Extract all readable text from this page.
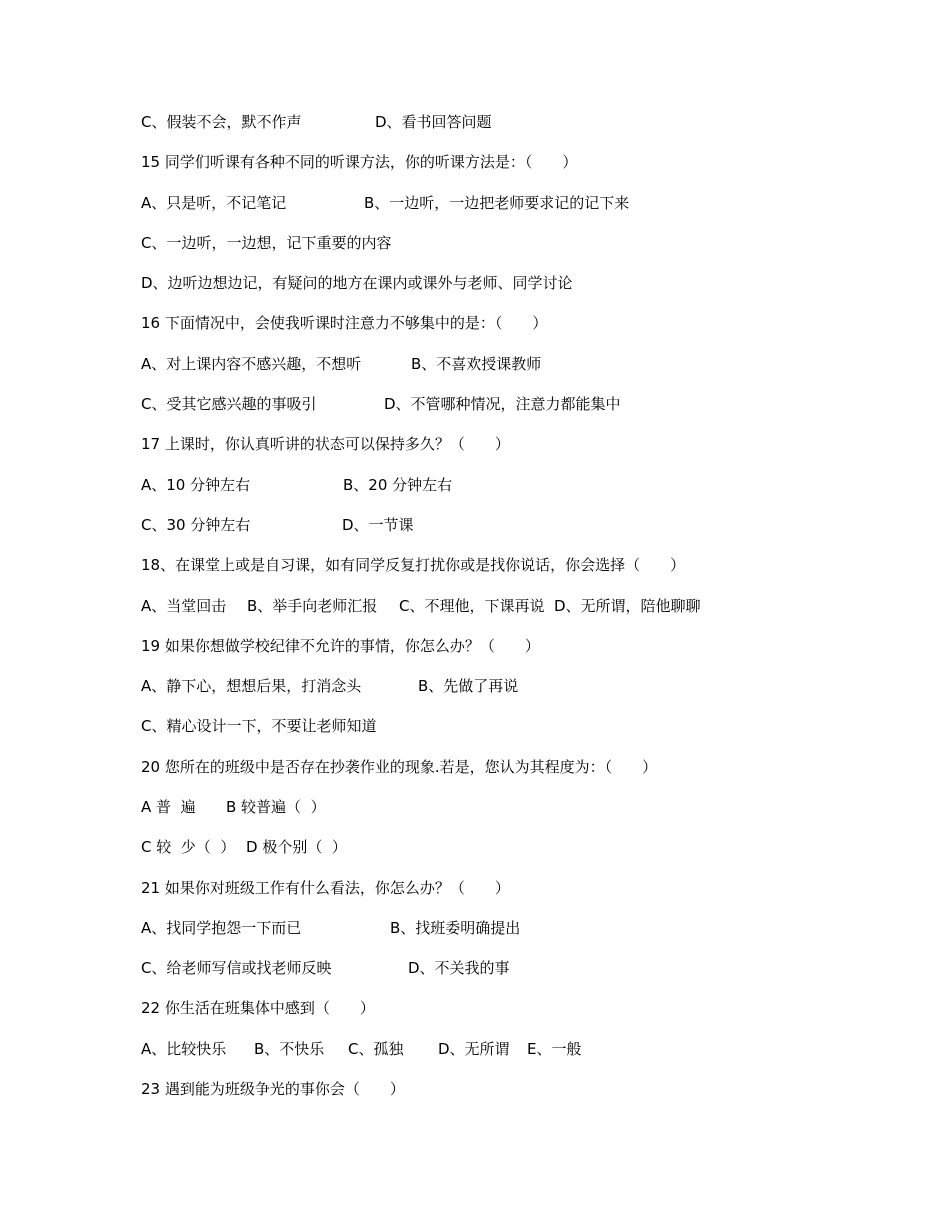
C、假装不会，默不作声

	D、看书回答问题

15 同学们听课有各种不同的听课方法，你的听课方法是：（　　）

A、只是听，不记笔记

	B、一边听，一边把老师要求记的记下来

C、一边听，一边想，记下重要的内容

D、边听边想边记，有疑问的地方在课内或课外与老师、同学讨论

16 下面情况中，会使我听课时注意力不够集中的是：（　　）

A、对上课内容不感兴趣，不想听

	B、不喜欢授课教师

C、受其它感兴趣的事吸引

	D、不管哪种情况，注意力都能集中

17 上课时，你认真听讲的状态可以保持多久？（　　）

A、10 分钟左右

	B、20 分钟左右

C、30 分钟左右

	D、一节课

18、在课堂上或是自习课，如有同学反复打扰你或是找你说话，你会选择（　　）

A、当堂回击

B、举手向老师汇报

C、不理他，下课再说

D、无所谓，陪他聊聊

19 如果你想做学校纪律不允许的事情，你怎么办？（　　）

A、静下心，想想后果，打消念头

	B、先做了再说

C、精心设计一下，不要让老师知道

20 您所在的班级中是否存在抄袭作业的现象.若是，您认为其程度为：（　　）

A 普  遍

B 较普遍（  ）

C 较  少（  ）

D 极个别（  ）

21 如果你对班级工作有什么看法，你怎么办？（　　）

A、找同学抱怨一下而已

	B、找班委明确提出

C、给老师写信或找老师反映

	D、不关我的事

22 你生活在班集体中感到（　　）

A、比较快乐

B、不快乐

C、孤独

D、无所谓

E、一般

23 遇到能为班级争光的事你会（　　）
